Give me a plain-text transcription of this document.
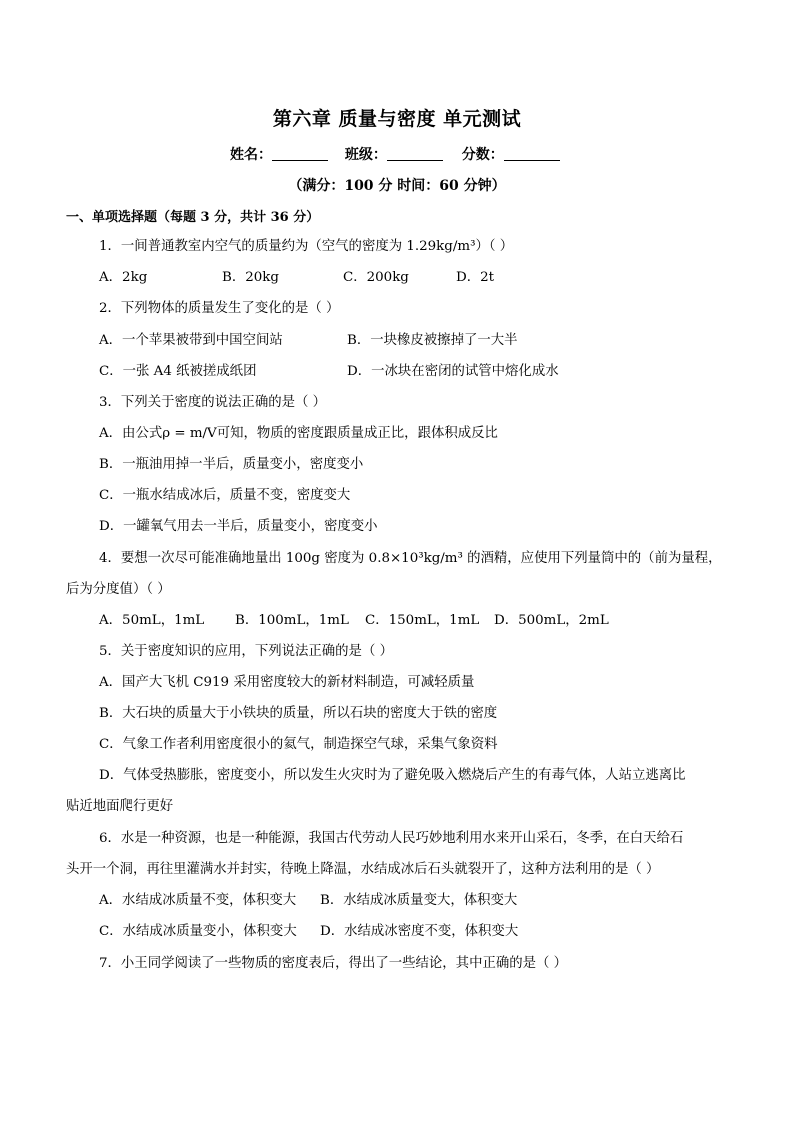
第六章 质量与密度 单元测试
姓名：	班级：	分数：
（满分：100 分 时间：60 分钟）
一、单项选择题（每题 3 分，共计 36 分）
1．一间普通教室内空气的质量约为（空气的密度为 1.29kg/m³）（ ）
A．2kg	B．20kg	C．200kg	D．2t
2．下列物体的质量发生了变化的是（ ）
A．一个苹果被带到中国空间站	B．一块橡皮被擦掉了一大半
C．一张 A4 纸被搓成纸团	D．一冰块在密闭的试管中熔化成水
3．下列关于密度的说法正确的是（ ）
A．由公式ρ = m/V可知，物质的密度跟质量成正比，跟体积成反比
B．一瓶油用掉一半后，质量变小，密度变小
C．一瓶水结成冰后，质量不变，密度变大
D．一罐氧气用去一半后，质量变小，密度变小
4．要想一次尽可能准确地量出 100g 密度为 0.8×10³kg/m³ 的酒精，应使用下列量筒中的（前为量程，
后为分度值）（ ）
A．50mL，1mL B．100mL，1mL C．150mL，1mL D．500mL，2mL
5．关于密度知识的应用，下列说法正确的是（ ）
A．国产大飞机 C919 采用密度较大的新材料制造，可减轻质量
B．大石块的质量大于小铁块的质量，所以石块的密度大于铁的密度
C．气象工作者利用密度很小的氦气，制造探空气球，采集气象资料
D．气体受热膨胀，密度变小，所以发生火灾时为了避免吸入燃烧后产生的有毒气体，人站立逃离比
贴近地面爬行更好
6．水是一种资源，也是一种能源，我国古代劳动人民巧妙地利用水来开山采石，冬季，在白天给石
头开一个洞，再往里灌满水并封实，待晚上降温，水结成冰后石头就裂开了，这种方法利用的是（ ）
A．水结成冰质量不变，体积变大 B．水结成冰质量变大，体积变大
C．水结成冰质量变小，体积变大 D．水结成冰密度不变，体积变大
7．小王同学阅读了一些物质的密度表后，得出了一些结论，其中正确的是（ ）
